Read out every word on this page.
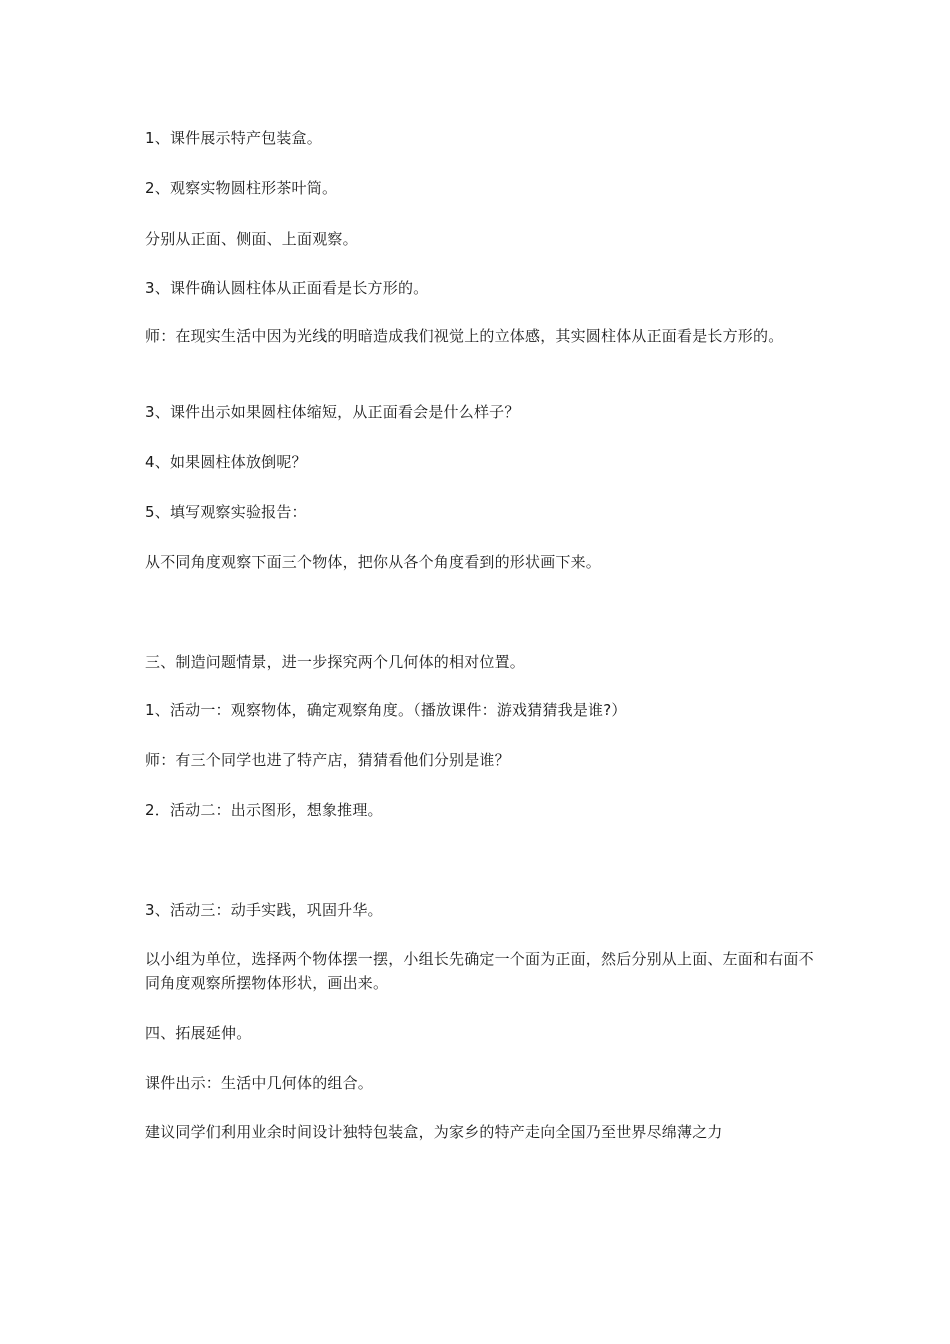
1、课件展示特产包装盒。

2、观察实物圆柱形茶叶筒。

分别从正面、侧面、上面观察。

3、课件确认圆柱体从正面看是长方形的。

师：在现实生活中因为光线的明暗造成我们视觉上的立体感，其实圆柱体从正面看是长方形的。

3、课件出示如果圆柱体缩短，从正面看会是什么样子？

4、如果圆柱体放倒呢？

5、填写观察实验报告：

从不同角度观察下面三个物体，把你从各个角度看到的形状画下来。

三、制造问题情景，进一步探究两个几何体的相对位置。

1、活动一：观察物体，确定观察角度。（播放课件：游戏猜猜我是谁?）

师：有三个同学也进了特产店，猜猜看他们分别是谁？

2．活动二：出示图形，想象推理。

3、活动三：动手实践，巩固升华。

以小组为单位，选择两个物体摆一摆，小组长先确定一个面为正面，然后分别从上面、左面和右面不同角度观察所摆物体形状，画出来。

四、拓展延伸。

课件出示：生活中几何体的组合。

建议同学们利用业余时间设计独特包装盒，为家乡的特产走向全国乃至世界尽绵薄之力
